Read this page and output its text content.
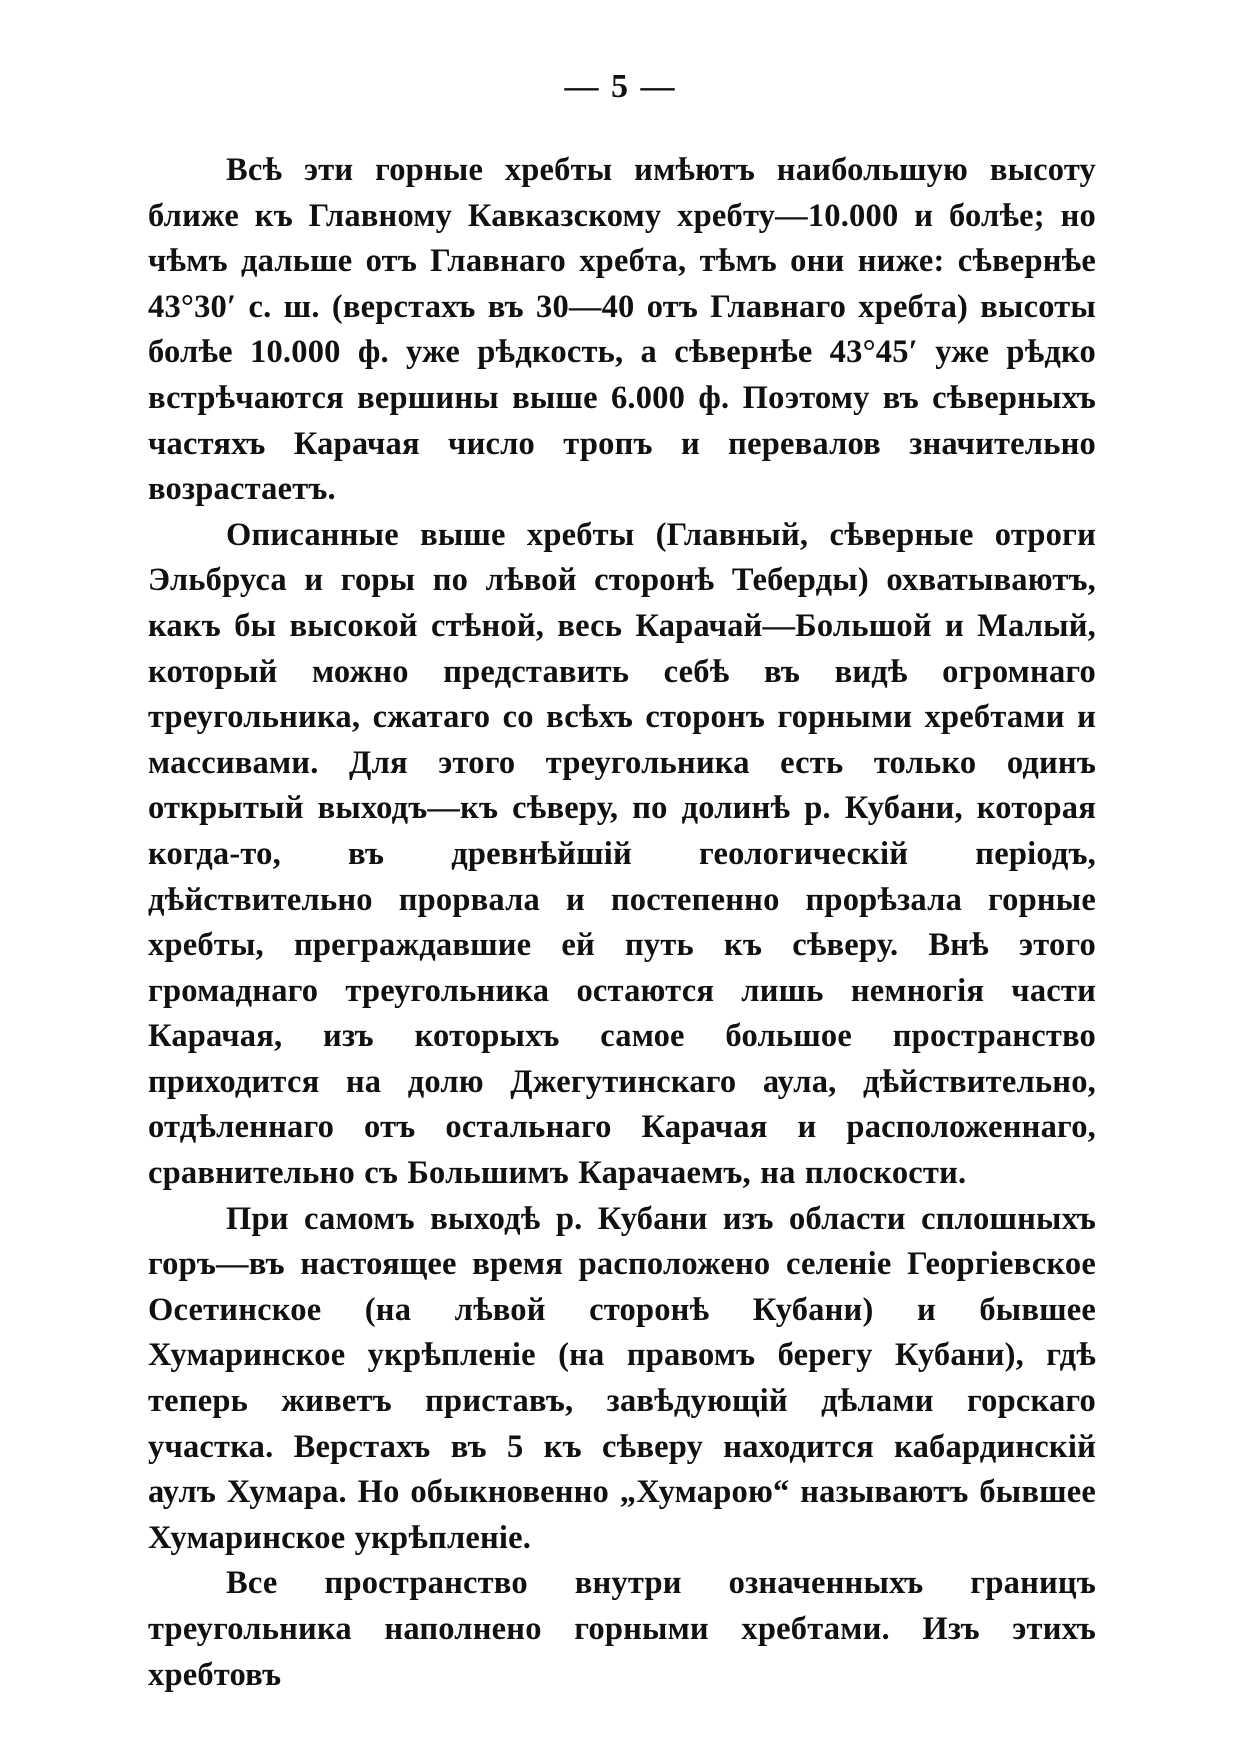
— 5 —

Всѣ эти горные хребты имѣютъ наибольшую высоту ближе къ Главному Кавказскому хребту—10.000 и болѣе; но чѣмъ дальше отъ Главнаго хребта, тѣмъ они ниже: сѣвернѣе 43°30′ с. ш. (верстахъ въ 30—40 отъ Главнаго хребта) высоты болѣе 10.000 ф. уже рѣдкость, а сѣвернѣе 43°45′ уже рѣдко встрѣчаются вершины выше 6.000 ф. Поэтому въ сѣверныхъ частяхъ Карачая число тропъ и перевалов значительно возрастаетъ.

Описанные выше хребты (Главный, сѣверные отроги Эльбруса и горы по лѣвой сторонѣ Теберды) охватываютъ, какъ бы высокой стѣной, весь Карачай—Большой и Малый, который можно представить себѣ въ видѣ огромнаго треугольника, сжатаго со всѣхъ сторонъ горными хребтами и массивами. Для этого треугольника есть только одинъ открытый выходъ—къ сѣверу, по долинѣ р. Кубани, которая когда-то, въ древнѣйшій геологическій періодъ, дѣйствительно прорвала и постепенно прорѣзала горные хребты, преграждавшие ей путь къ сѣверу. Внѣ этого громаднаго треугольника остаются лишь немногія части Карачая, изъ которыхъ самое большое пространство приходится на долю Джегутинскаго аула, дѣйствительно, отдѣленнаго отъ остальнаго Карачая и расположеннаго, сравнительно съ Большимъ Карачаемъ, на плоскости.

При самомъ выходѣ р. Кубани изъ области сплошныхъ горъ—въ настоящее время расположено селеніе Георгіевское Осетинское (на лѣвой сторонѣ Кубани) и бывшее Хумаринское укрѣпленіе (на правомъ берегу Кубани), гдѣ теперь живетъ приставъ, завѣдующій дѣлами горскаго участка. Верстахъ въ 5 къ сѣверу находится кабардинскій аулъ Хумара. Но обыкновенно „Хумарою“ называютъ бывшее Хумаринское укрѣпленіе.

Все пространство внутри означенныхъ границъ треугольника наполнено горными хребтами. Изъ этихъ хребтовъ
